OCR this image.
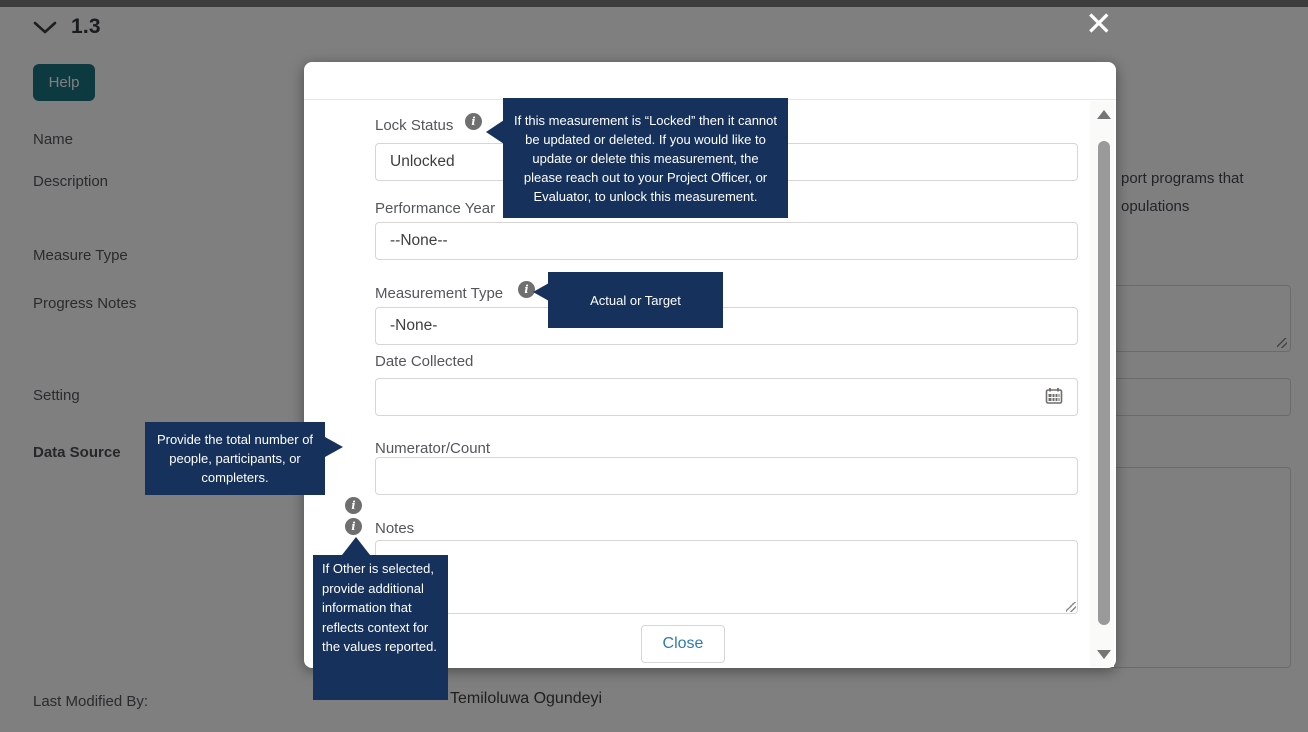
Lock Status
i
Unlocked
Performance Year
--None--
Measurement Type
i
-None-
Date Collected
i
Numerator/Count
i
Notes
Close
✕
If this measurement is “Locked” then it cannot be updated or deleted. If you would like to update or delete this measurement, the please reach out to your Project Officer, or Evaluator, to unlock this measurement.
Actual or Target
Provide the total number of people, participants, or completers.
If Other is selected, provide additional information that reflects context for the values reported.
